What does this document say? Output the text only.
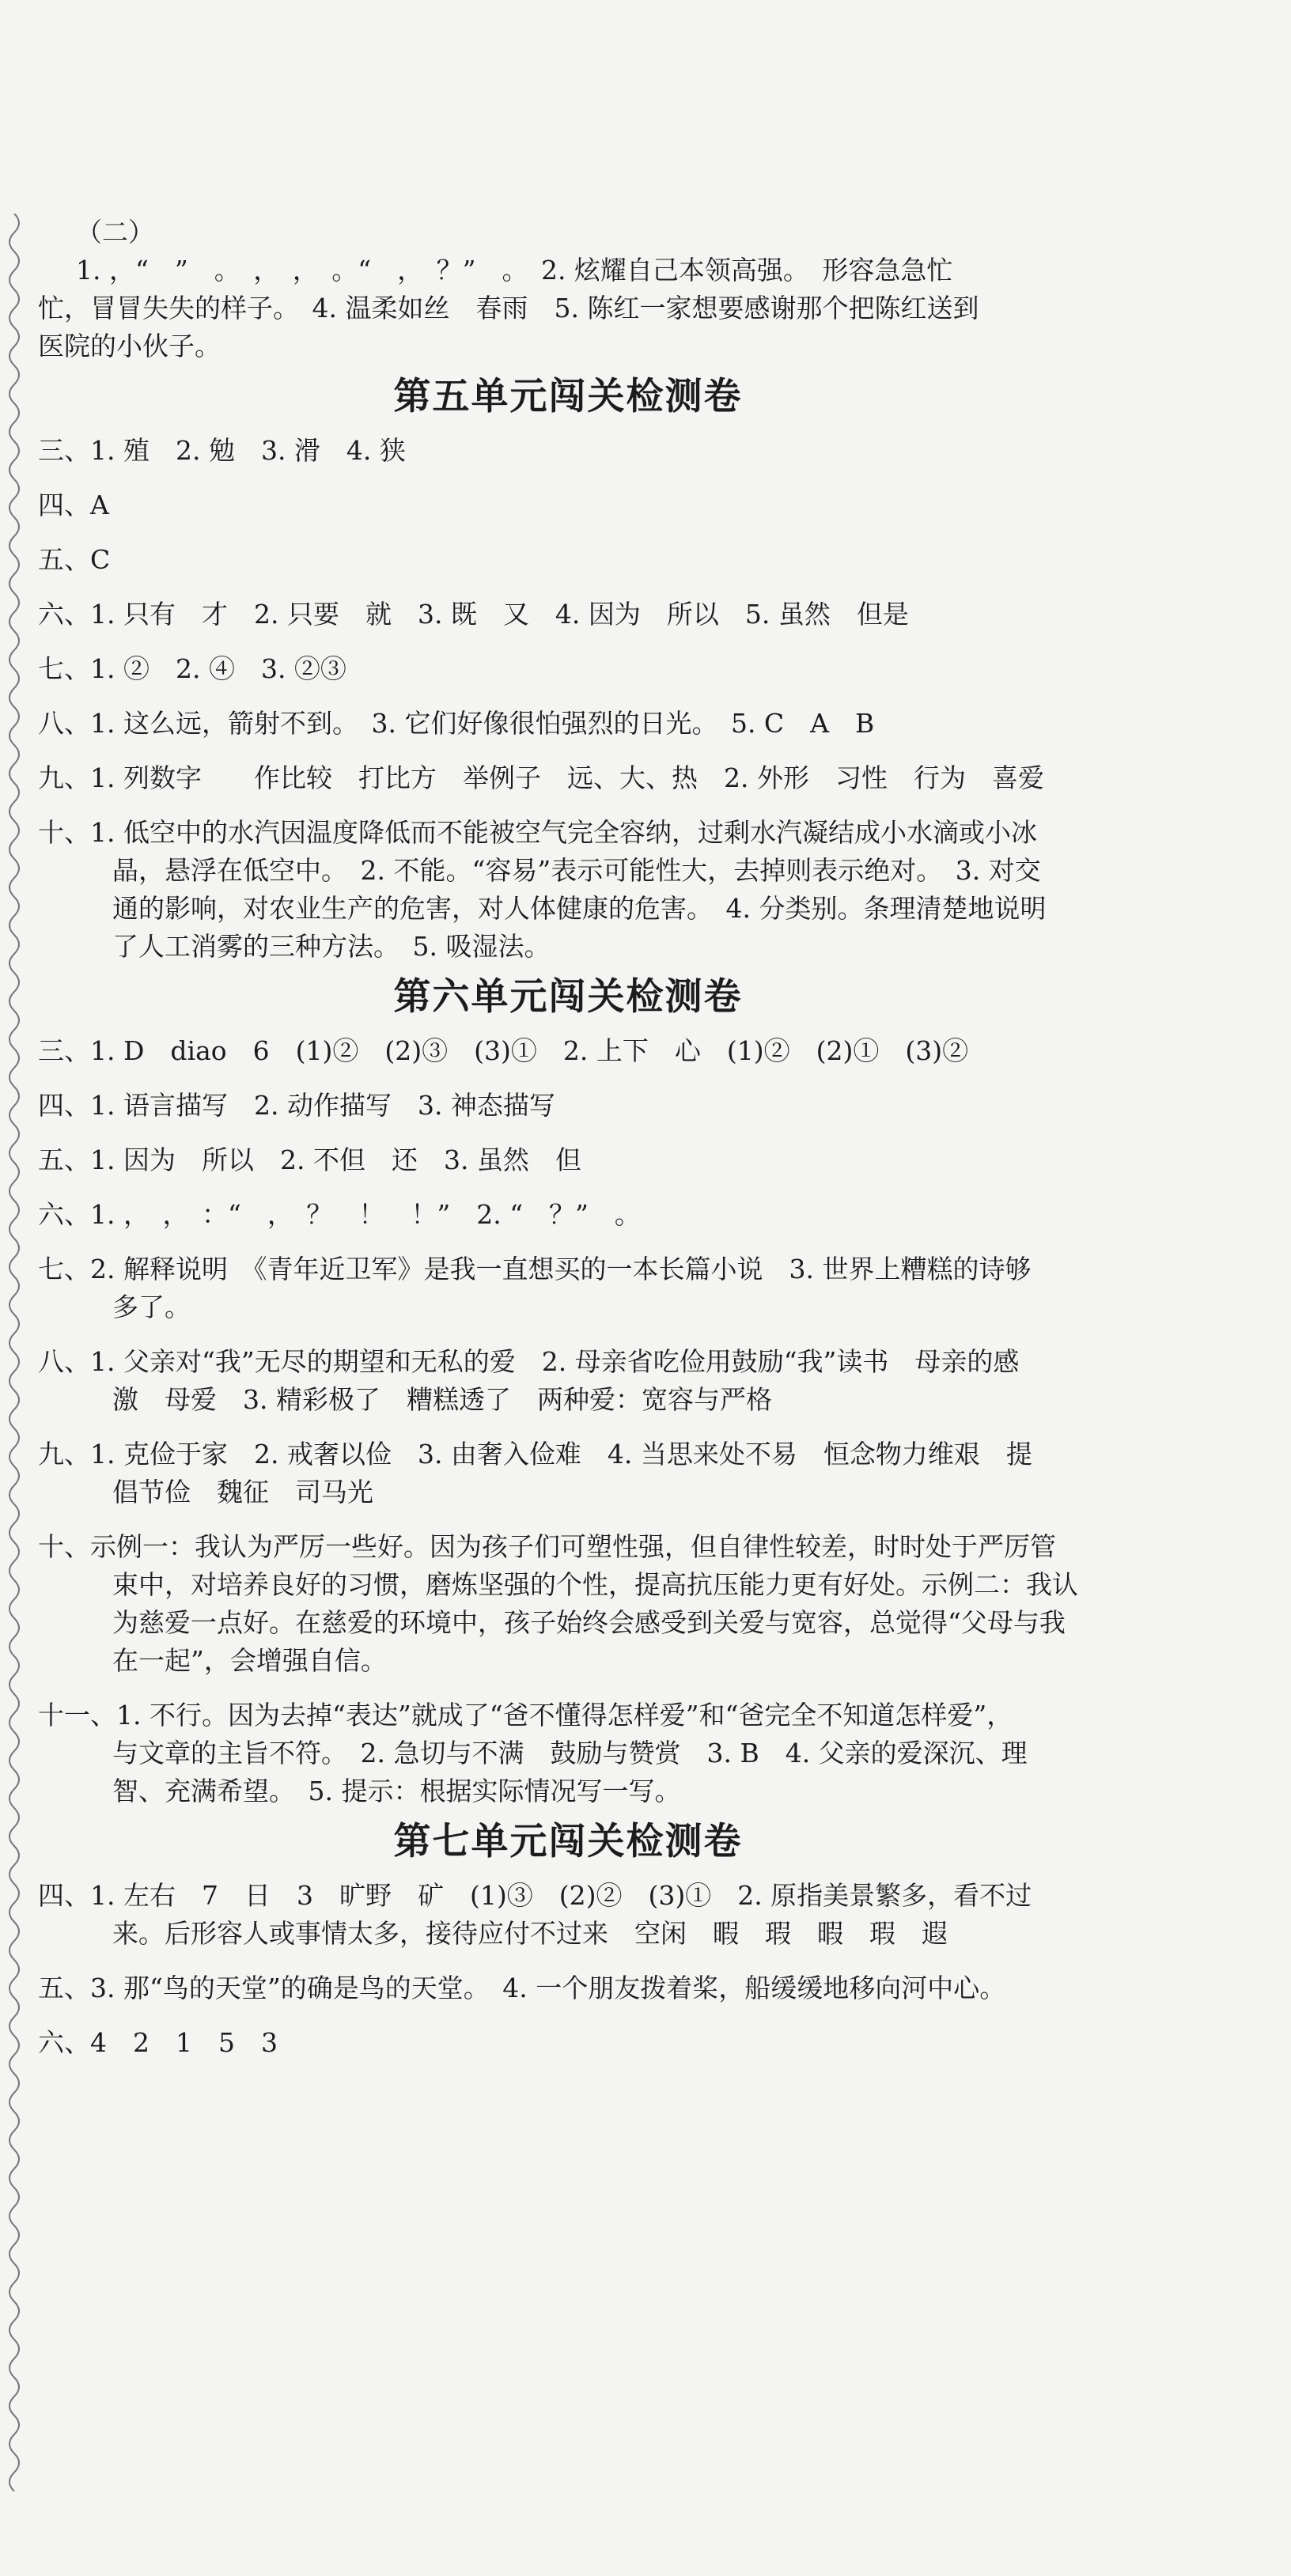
（二）
1. ，“　”　。　，　，　。“　，　？”　。　2. 炫耀自己本领高强。　形容急急忙
忙，冒冒失失的样子。　4. 温柔如丝　春雨　5. 陈红一家想要感谢那个把陈红送到
医院的小伙子。
第五单元闯关检测卷
三、1. 殖　2. 勉　3. 滑　4. 狭
四、A
五、C
六、1. 只有　才　2. 只要　就　3. 既　又　4. 因为　所以　5. 虽然　但是
七、1. ②　2. ④　3. ②③
八、1. 这么远，箭射不到。　3. 它们好像很怕强烈的日光。　5. C　A　B
九、1. 列数字　　作比较　打比方　举例子　远、大、热　2. 外形　习性　行为　喜爱
十、1. 低空中的水汽因温度降低而不能被空气完全容纳，过剩水汽凝结成小水滴或小冰
晶，悬浮在低空中。　2. 不能。“容易”表示可能性大，去掉则表示绝对。　3. 对交
通的影响，对农业生产的危害，对人体健康的危害。　4. 分类别。条理清楚地说明
了人工消雾的三种方法。　5. 吸湿法。
第六单元闯关检测卷
三、1. D　diao　6　(1)②　(2)③　(3)①　2. 上下　心　(1)②　(2)①　(3)②
四、1. 语言描写　2. 动作描写　3. 神态描写
五、1. 因为　所以　2. 不但　还　3. 虽然　但
六、1. ，　，　：“　，　？　！　！”　2. “　？”　。
七、2. 解释说明　《青年近卫军》是我一直想买的一本长篇小说　3. 世界上糟糕的诗够
多了。
八、1. 父亲对“我”无尽的期望和无私的爱　2. 母亲省吃俭用鼓励“我”读书　母亲的感
激　母爱　3. 精彩极了　糟糕透了　两种爱：宽容与严格
九、1. 克俭于家　2. 戒奢以俭　3. 由奢入俭难　4. 当思来处不易　恒念物力维艰　提
倡节俭　魏征　司马光
十、示例一：我认为严厉一些好。因为孩子们可塑性强，但自律性较差，时时处于严厉管
束中，对培养良好的习惯，磨炼坚强的个性，提高抗压能力更有好处。示例二：我认
为慈爱一点好。在慈爱的环境中，孩子始终会感受到关爱与宽容，总觉得“父母与我
在一起”，会增强自信。
十一、1. 不行。因为去掉“表达”就成了“爸不懂得怎样爱”和“爸完全不知道怎样爱”，
与文章的主旨不符。　2. 急切与不满　鼓励与赞赏　3. B　4. 父亲的爱深沉、理
智、充满希望。　5. 提示：根据实际情况写一写。
第七单元闯关检测卷
四、1. 左右　7　日　3　旷野　矿　(1)③　(2)②　(3)①　2. 原指美景繁多，看不过
来。后形容人或事情太多，接待应付不过来　空闲　暇　瑕　暇　瑕　遐
五、3. 那“鸟的天堂”的确是鸟的天堂。　4. 一个朋友拨着桨，船缓缓地移向河中心。
六、4　2　1　5　3
